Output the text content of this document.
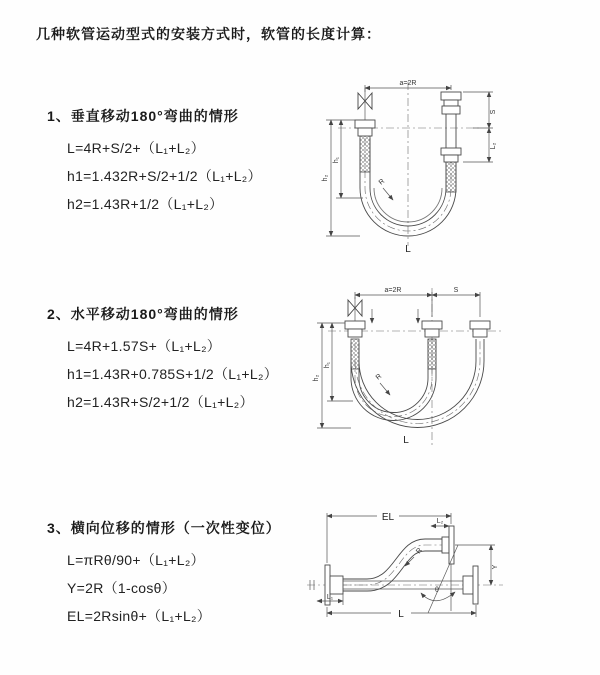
几种软管运动型式的安装方式时，软管的长度计算：
1、垂直移动180°弯曲的情形
L=4R+S/2+（L₁+L₂）
h1=1.432R+S/2+1/2（L₁+L₂）
h2=1.43R+1/2（L₁+L₂）
2、水平移动180°弯曲的情形
L=4R+1.57S+（L₁+L₂）
h1=1.43R+0.785S+1/2（L₁+L₂）
h2=1.43R+S/2+1/2（L₁+L₂）
3、横向位移的情形（一次性变位）
L=πRθ/90+（L₁+L₂）
Y=2R（1-cosθ）
EL=2Rsinθ+（L₁+L₂）
a=2R
S
L₂
h₂
h₁
R
L
a=2R	S
h₂
h₁
R
L
EL	L₂
Y
R
θ
L
L₁
